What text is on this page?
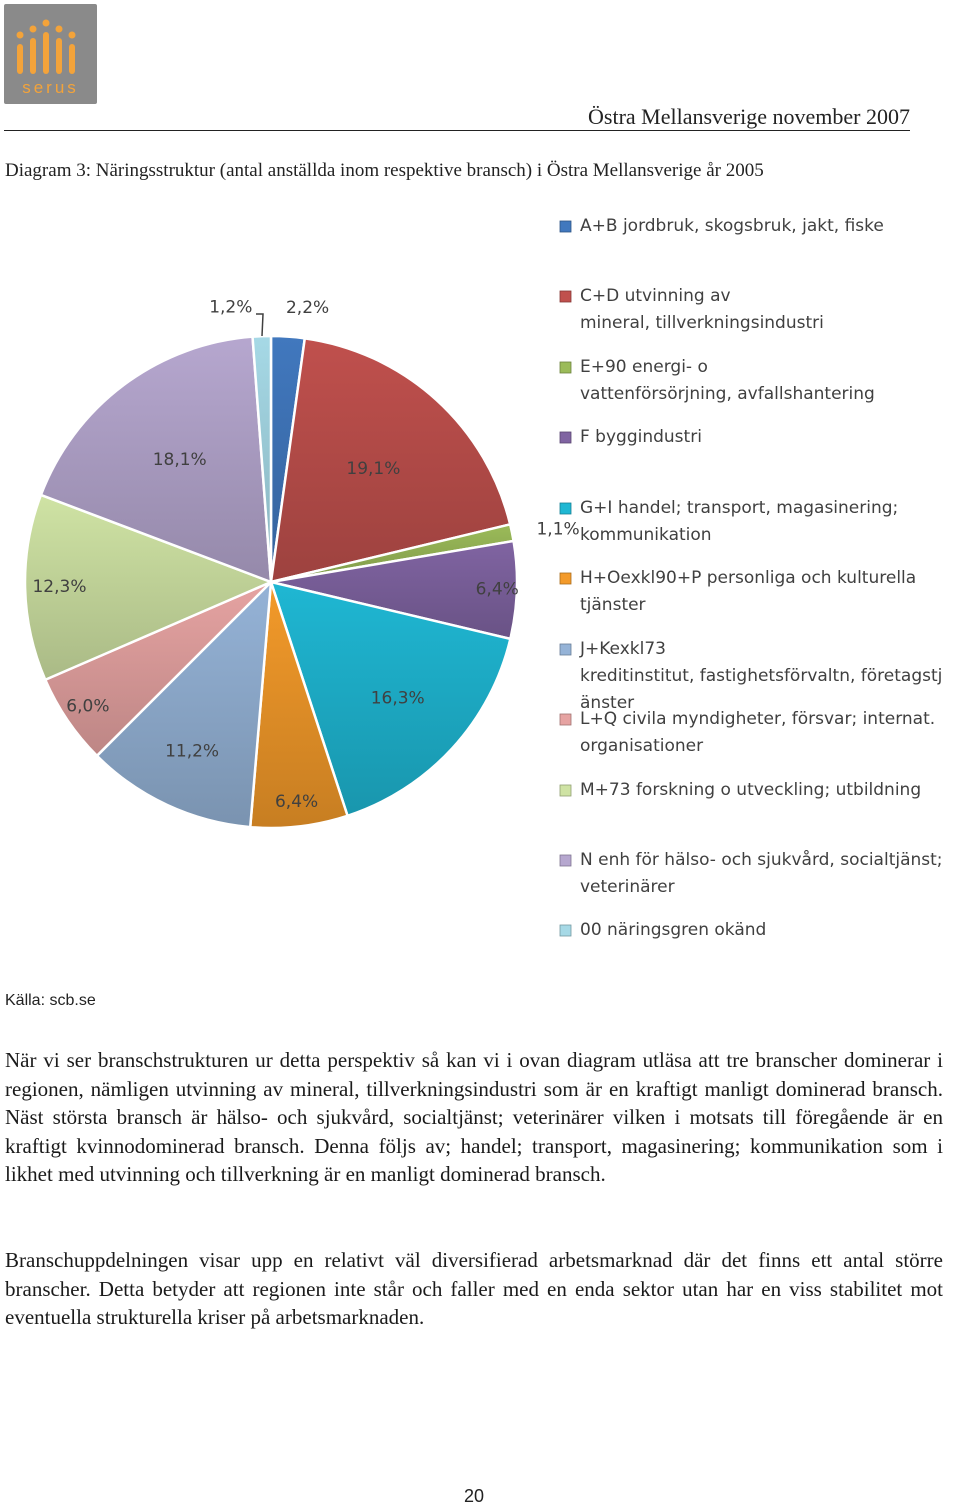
serus
Östra Mellansverige november 2007
Diagram 3: Näringsstruktur (antal anställda inom respektive bransch) i Östra Mellansverige år 2005
2,2%
19,1%
1,1%
6,4%
16,3%
6,4%
11,2%
6,0%
12,3%
18,1%
1,2%
A+B jordbruk, skogsbruk, jakt, fiske
C+D utvinning av mineral, tillverkningsindustri
E+90 energi- o vattenförsörjning, avfallshantering
F byggindustri
G+I handel; transport, magasinering; kommunikation
H+Oexkl90+P personliga och kulturella tjänster
J+Kexkl73 kreditinstitut, fastighetsförvaltn, företagstj änster
L+Q civila myndigheter, försvar; internat. organisationer
M+73 forskning o utveckling; utbildning
N enh för hälso- och sjukvård, socialtjänst; veterinärer
00 näringsgren okänd
Källa: scb.se

När vi ser branschstrukturen ur detta perspektiv så kan vi i ovan diagram utläsa att tre branscher dominerar i regionen, nämligen utvinning av mineral, tillverkningsindustri som är en kraftigt manligt dominerad bransch. Näst största bransch är hälso- och sjukvård, socialtjänst; veterinärer vilken i motsats till föregående är en kraftigt kvinnodominerad bransch. Denna följs av; handel; transport, magasinering; kommunikation som i likhet med utvinning och tillverkning är en manligt dominerad bransch.

Branschuppdelningen visar upp en relativt väl diversifierad arbetsmarknad där det finns ett antal större branscher. Detta betyder att regionen inte står och faller med en enda sektor utan har en viss stabilitet mot eventuella strukturella kriser på arbetsmarknaden.

20
